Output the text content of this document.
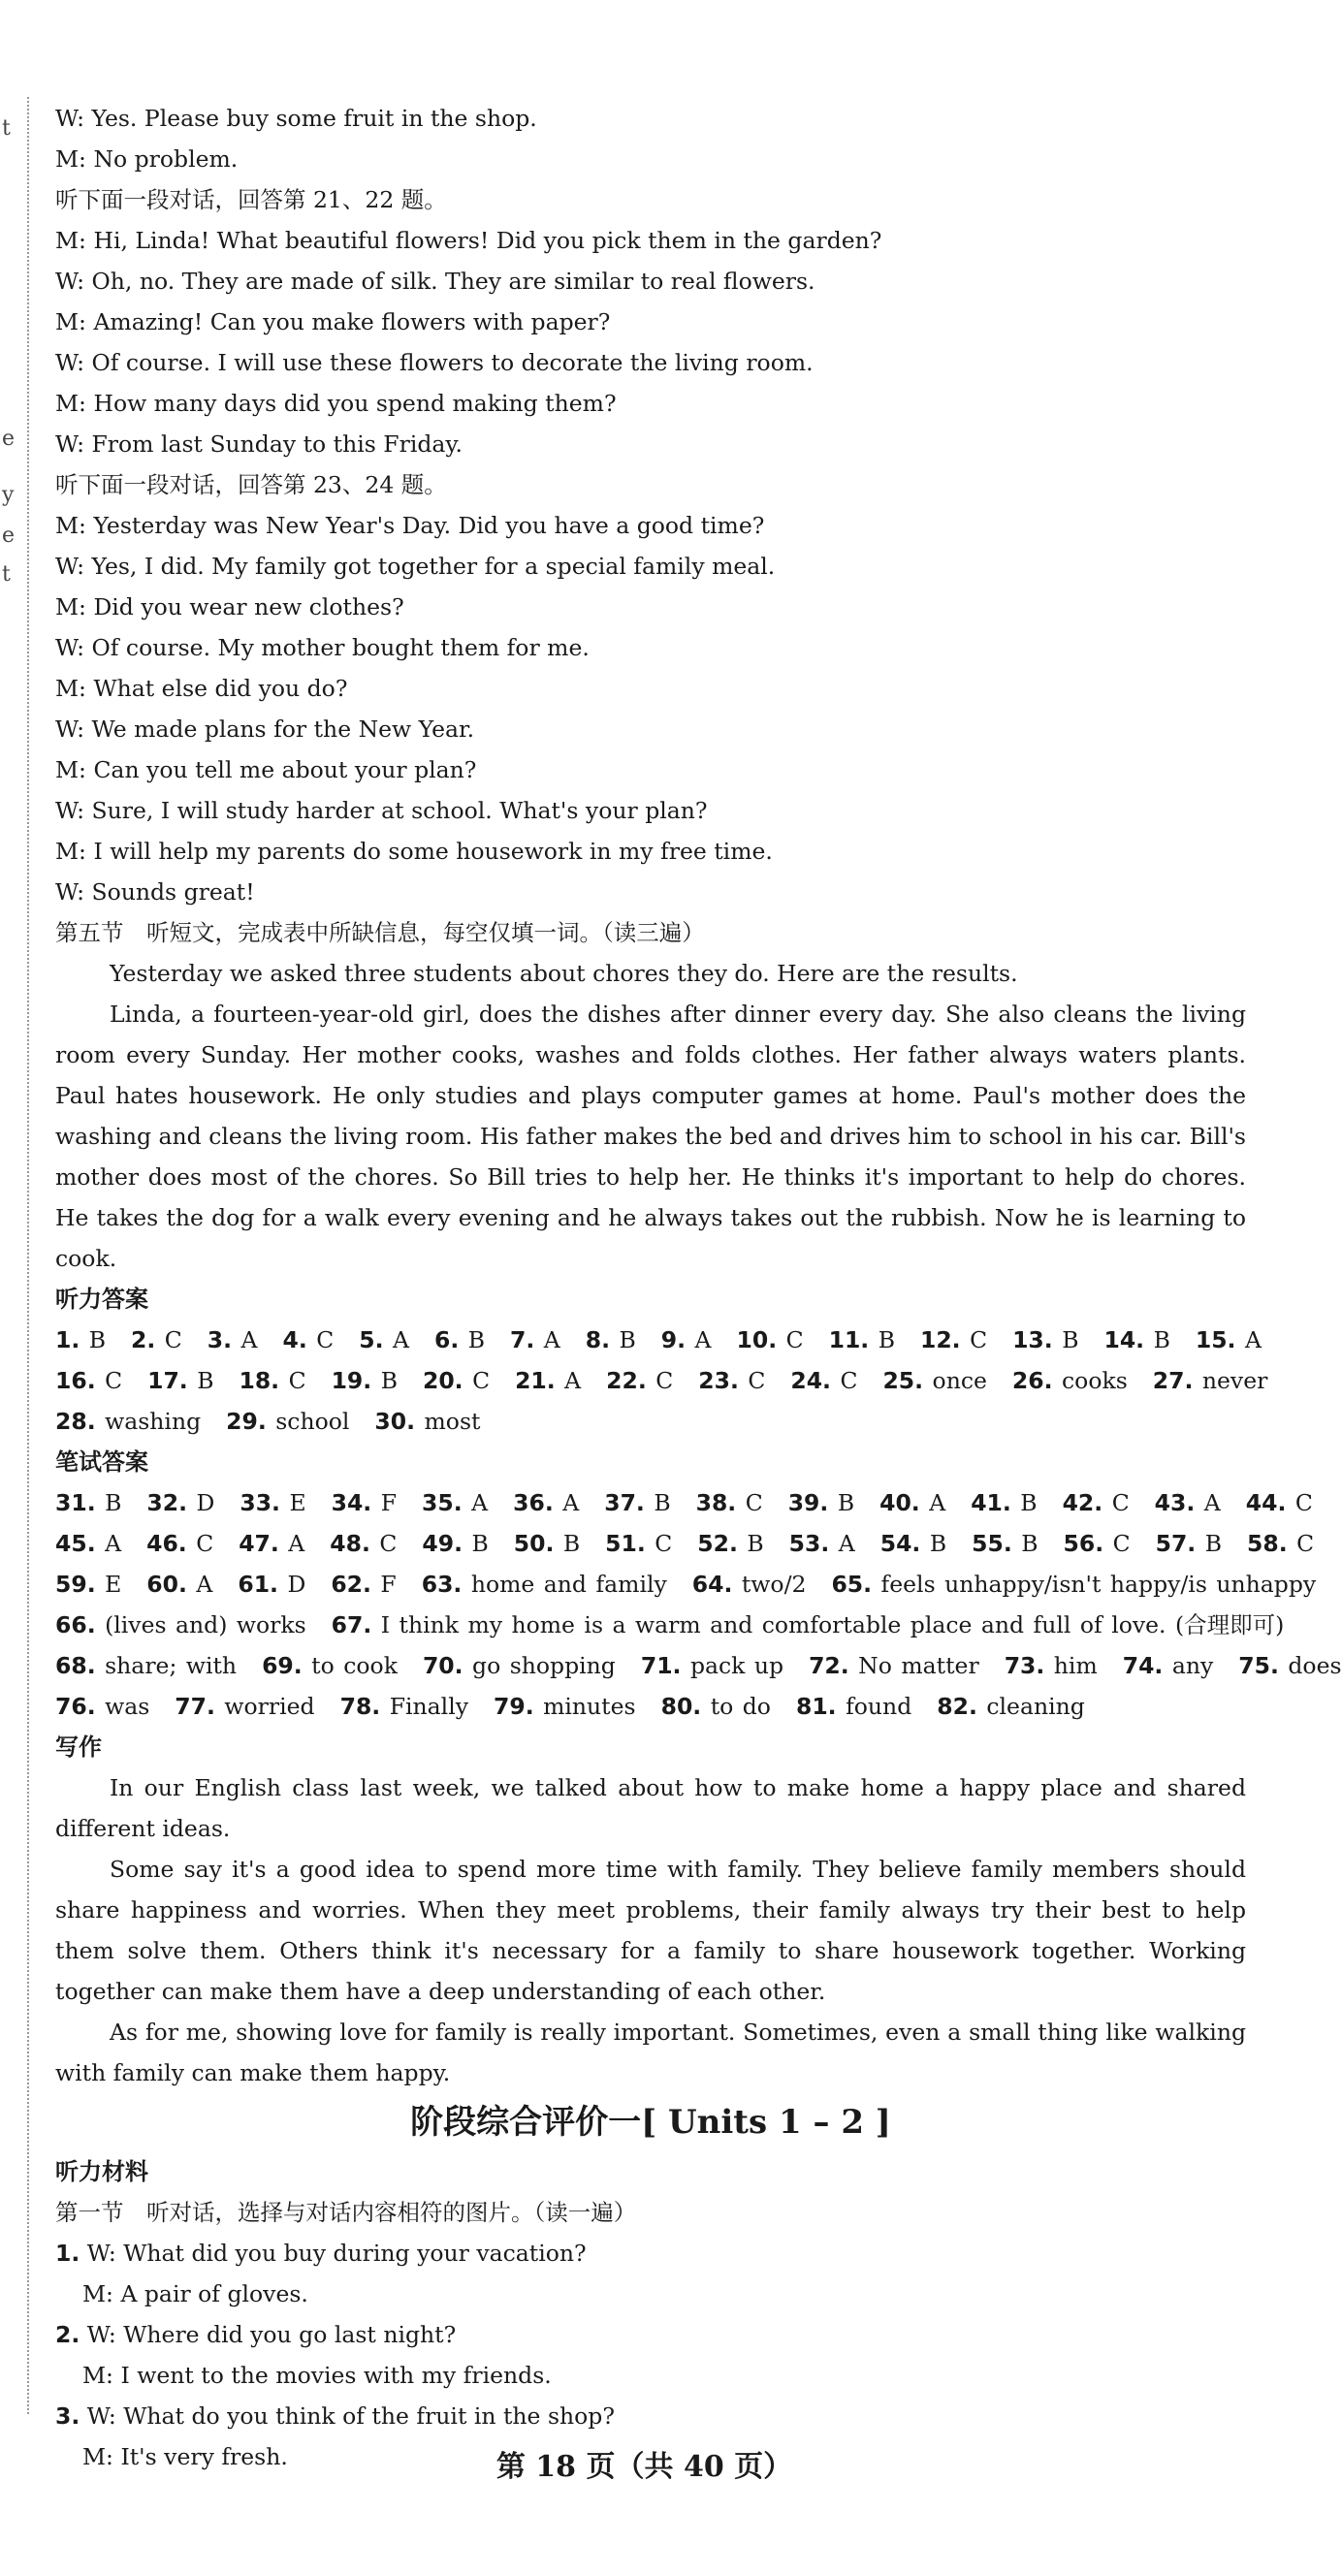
t
e
y
e
t
W: Yes. Please buy some fruit in the shop.
M: No problem.
听下面一段对话，回答第 21、22 题。
M: Hi, Linda! What beautiful flowers! Did you pick them in the garden?
W: Oh, no. They are made of silk. They are similar to real flowers.
M: Amazing! Can you make flowers with paper?
W: Of course. I will use these flowers to decorate the living room.
M: How many days did you spend making them?
W: From last Sunday to this Friday.
听下面一段对话，回答第 23、24 题。
M: Yesterday was New Year's Day. Did you have a good time?
W: Yes, I did. My family got together for a special family meal.
M: Did you wear new clothes?
W: Of course. My mother bought them for me.
M: What else did you do?
W: We made plans for the New Year.
M: Can you tell me about your plan?
W: Sure, I will study harder at school. What's your plan?
M: I will help my parents do some housework in my free time.
W: Sounds great!
第五节　听短文，完成表中所缺信息，每空仅填一词。（读三遍）
Yesterday we asked three students about chores they do. Here are the results.
Linda, a fourteen-year-old girl, does the dishes after dinner every day. She also cleans the living room every Sunday. Her mother cooks, washes and folds clothes. Her father always waters plants. Paul hates housework. He only studies and plays computer games at home. Paul's mother does the washing and cleans the living room. His father makes the bed and drives him to school in his car. Bill's mother does most of the chores. So Bill tries to help her. He thinks it's important to help do chores. He takes the dog for a walk every evening and he always takes out the rubbish. Now he is learning to cook.
听力答案
1. B 2. C 3. A 4. C 5. A 6. B 7. A 8. B 9. A 10. C 11. B 12. C 13. B 14. B 15. A
16. C 17. B 18. C 19. B 20. C 21. A 22. C 23. C 24. C 25. once 26. cooks 27. never
28. washing 29. school 30. most
笔试答案
31. B 32. D 33. E 34. F 35. A 36. A 37. B 38. C 39. B 40. A 41. B 42. C 43. A 44. C
45. A 46. C 47. A 48. C 49. B 50. B 51. C 52. B 53. A 54. B 55. B 56. C 57. B 58. C
59. E 60. A 61. D 62. F 63. home and family 64. two/2 65. feels unhappy/isn't happy/is unhappy
66. (lives and) works 67. I think my home is a warm and comfortable place and full of love. (合理即可)
68. share; with 69. to cook 70. go shopping 71. pack up 72. No matter 73. him 74. any 75. does
76. was 77. worried 78. Finally 79. minutes 80. to do 81. found 82. cleaning
写作
In our English class last week, we talked about how to make home a happy place and shared different ideas.
Some say it's a good idea to spend more time with family. They believe family members should share happiness and worries. When they meet problems, their family always try their best to help them solve them. Others think it's necessary for a family to share housework together. Working together can make them have a deep understanding of each other.
As for me, showing love for family is really important. Sometimes, even a small thing like walking with family can make them happy.
阶段综合评价一[ Units 1 – 2 ]
听力材料
第一节　听对话，选择与对话内容相符的图片。（读一遍）
1. W: What did you buy during your vacation?
M: A pair of gloves.
2. W: Where did you go last night?
M: I went to the movies with my friends.
3. W: What do you think of the fruit in the shop?
M: It's very fresh.	第 18 页（共 40 页）
